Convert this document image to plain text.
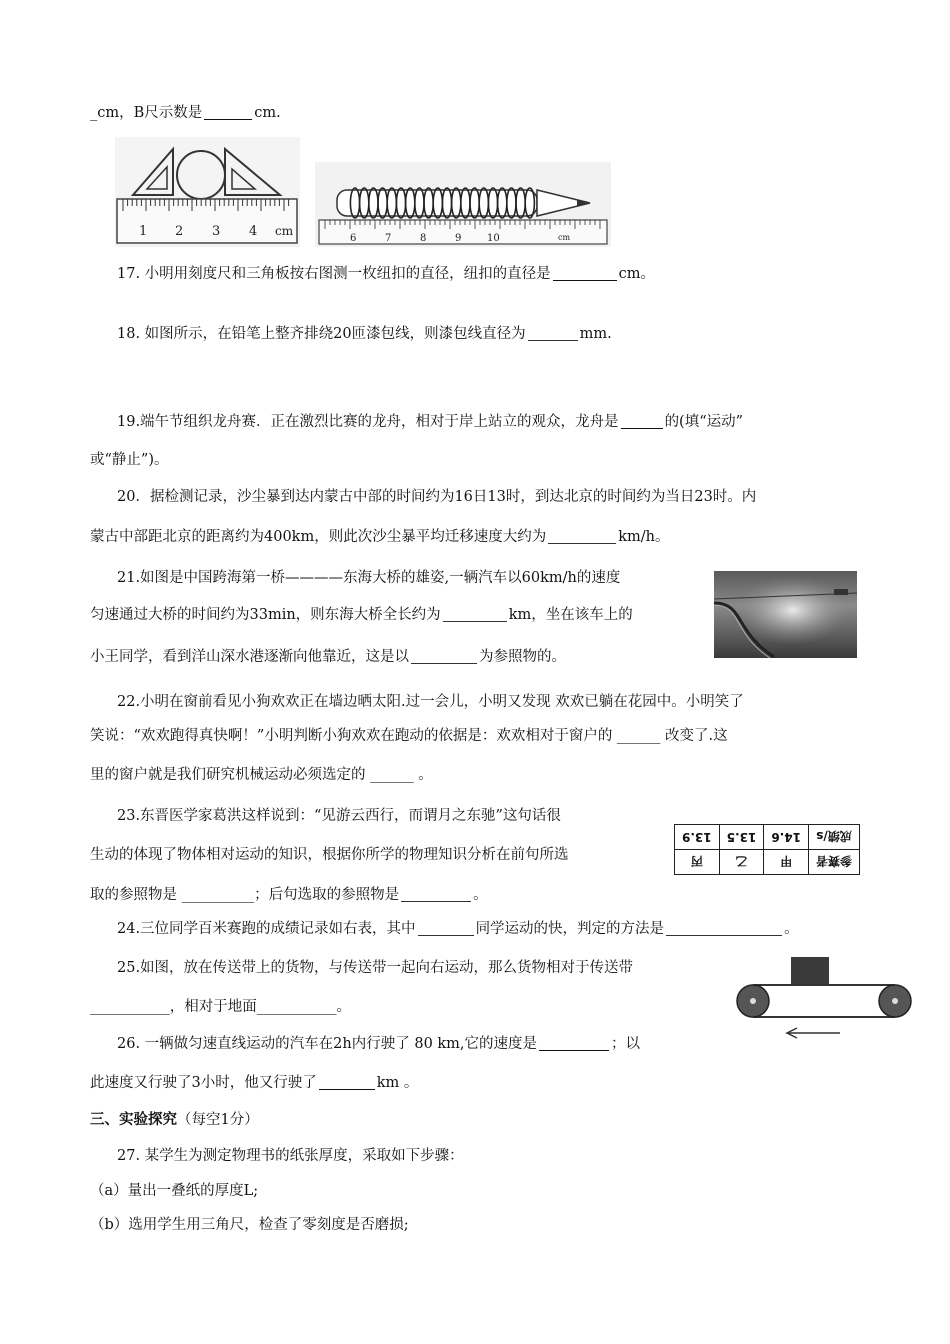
_cm，B尺示数是	cm.
1 2 3 4 cm
6	7	8	9	10	cm
17. 小明用刻度尺和三角板按右图测一枚纽扣的直径，纽扣的直径是	cm。
18. 如图所示，在铅笔上整齐排绕20匝漆包线，则漆包线直径为	mm.
19.端午节组织龙舟赛．正在激烈比赛的龙舟，相对于岸上站立的观众，龙舟是	的(填“运动”
或“静止”)。
20．据检测记录，沙尘暴到达内蒙古中部的时间约为16日13时，到达北京的时间约为当日23时。内
蒙古中部距北京的距离约为400km，则此次沙尘暴平均迁移速度大约为	km/h。
21.如图是中国跨海第一桥————东海大桥的雄姿,一辆汽车以60km/h的速度
匀速通过大桥的时间约为33min，则东海大桥全长约为	km，坐在该车上的
小王同学，看到洋山深水港逐渐向他靠近，这是以	为参照物的。
22.小明在窗前看见小狗欢欢正在墙边晒太阳.过一会儿，小明又发现 欢欢已躺在花园中。小明笑了
笑说：“欢欢跑得真快啊！”小明判断小狗欢欢在跑动的依据是：欢欢相对于窗户的 ______ 改变了.这
里的窗户就是我们研究机械运动必须选定的 ______ 。
23.东晋医学家葛洪这样说到：“见游云西行，而谓月之东驰”这句话很
生动的体现了物体相对运动的知识，根据你所学的物理知识分析在前句所选
取的参照物是 __________；后句选取的参照物是	。
参赛者	甲	乙	丙
成绩/s	14.6	13.5	13.9
24.三位同学百米赛跑的成绩记录如右表，其中	同学运动的快，判定的方法是	。
25.如图，放在传送带上的货物，与传送带一起向右运动，那么货物相对于传送带
___________，相对于地面___________。
26. 一辆做匀速直线运动的汽车在2h内行驶了 80 km,它的速度是	；以
此速度又行驶了3小时，他又行驶了	km 。
三、实验探究（每空1分）
27. 某学生为测定物理书的纸张厚度，采取如下步骤：
（a）量出一叠纸的厚度L;
（b）选用学生用三角尺，检查了零刻度是否磨损;
